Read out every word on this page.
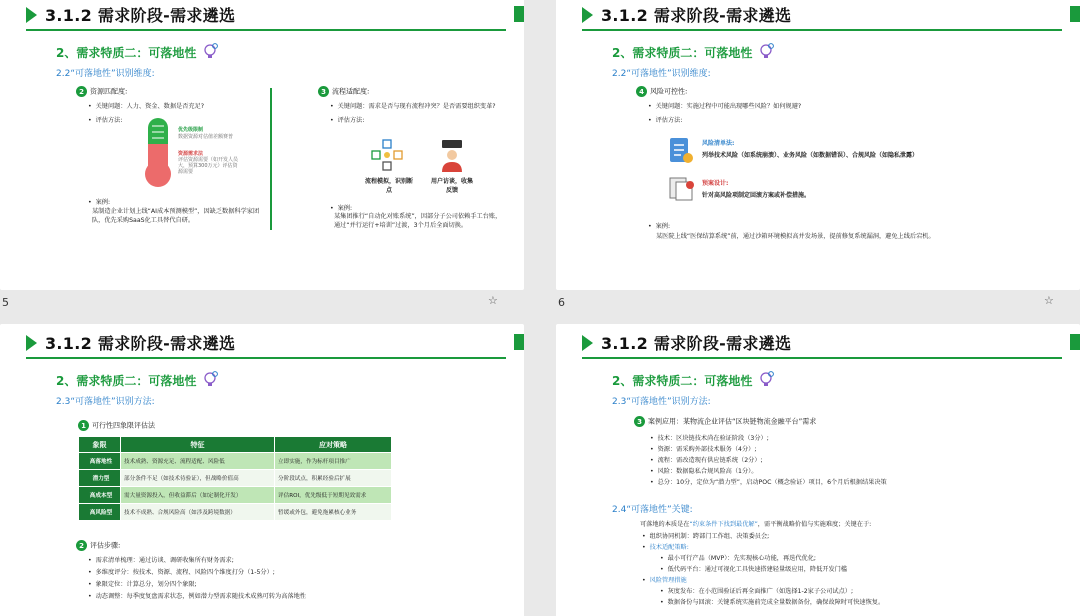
3.1.2 需求阶段-需求遴选
2、需求特质二：可落地性
2.2“可落地性”识别维度:
2 资源匹配度:
•  关键问题：人力、资金、数据是否充足?
•  评估方法:
优先级限制
数据资源对估值差额赛普
资源需求法
评估资源需要（如开发人员大，预算300万元）评估资源需要
•  案例:
某制造企业计划上线“AI成本预测模型”，因缺乏数据科学家团队，优先采购SaaS化工具替代自研。
3 流程适配度:
•  关键问题：需求是否与现有流程冲突？是否需要组织变革?
•  评估方法:
流程模拟，识别断点
用户访谈，收集反馈
•  案例:
某集团推行“自动化对账系统”，因部分子公司依赖手工台账，通过“并行运行+培训”过渡，3个月后全面切换。
5	☆
3.1.2 需求阶段-需求遴选
2、需求特质二：可落地性
2.2“可落地性”识别维度:
4 风险可控性:
•  关键问题：实施过程中可能出现哪些风险？如何规避?
•  评估方法:
风险清单法:
列举技术风险（如系统崩溃）、业务风险（如数据错误）、合规风险（如隐私泄露）
预案设计:
针对高风险项制定回滚方案或补偿措施。
•  案例:
某医院上线“医保结算系统”前，通过沙箱环境模拟高并发场景，提前修复系统漏洞，避免上线后宕机。
6	☆
3.1.2 需求阶段-需求遴选
2、需求特质二：可落地性
2.3“可落地性”识别方法:
1 可行性四象限评估法
象限	特征	应对策略
高落地性	技术成熟、资源充足、流程适配、风险低	立即实施，作为标杆项目推广
潜力型	部分条件不足（如技术待验证），但战略价值高	分阶段试点，积累经验后扩展
高成本型	需大量资源投入，但收益滞后（如定制化开发）	评估ROI，优先级低于短期见效需求
高风险型	技术不成熟、合规风险高（如涉及跨境数据）	暂缓或外包，避免拖累核心业务
2 评估步骤:
•  需求清单梳理：通过访谈、调研收集所有财务需求;
•  多维度评分：按技术、资源、流程、风险四个维度打分（1-5分）;
•  象限定位：计算总分，划分四个象限;
•  动态调整：每季度复盘需求状态，例如潜力型需求随技术成熟可转为高落地性
3.1.2 需求阶段-需求遴选
2、需求特质二：可落地性
2.3“可落地性”识别方法:
3 案例应用：某物流企业评估“区块链物流金融平台”需求
•  技术：区块链技术尚在验证阶段（3分）;
•  资源：需采购外部技术服务（4分）;
•  流程：需改造现有供应链系统（2分）;
•  风险：数据隐私合规风险高（1分）。
•  总分：10分，定位为“潜力型”，启动POC（概念验证）项目，6个月后根据结果决策
2.4“可落地性”关键:
可落地的本质是在“约束条件下找到最优解”，需平衡战略价值与实施难度；关键在于:
•  组织协同机制：跨部门工作组、决策委员会;
•  技术适配策略:
•  最小可行产品（MVP）：先实现核心功能，再迭代优化;
•  低代码平台：通过可视化工具快速搭建轻量级应用，降低开发门槛
•  风险管理措施
•  灰度发布：在小范围验证后再全面推广（如选择1-2家子公司试点）;
•  数据备份与回滚：关键系统实施前完成全量数据备份，确保故障时可快速恢复。
